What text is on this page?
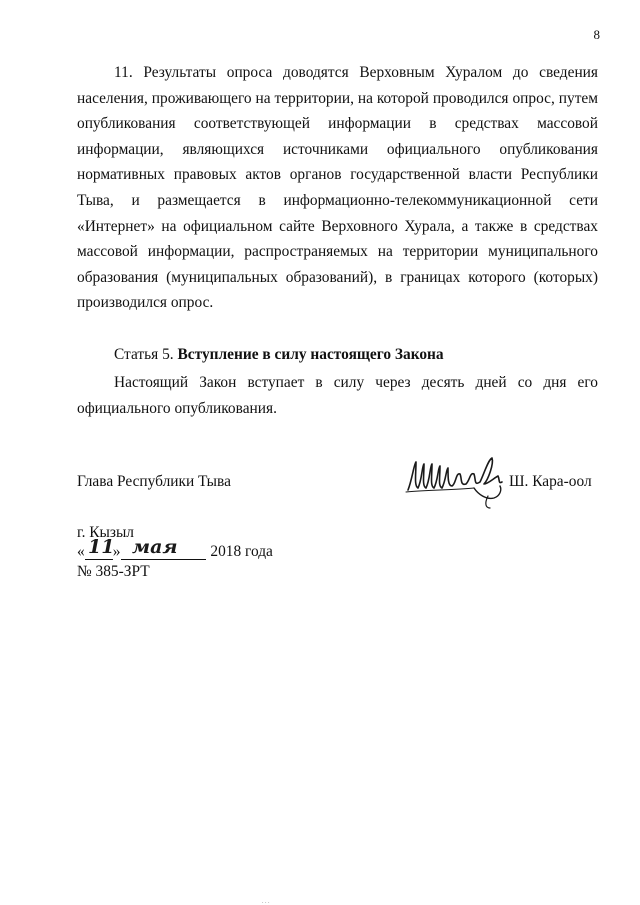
8

11. Результаты опроса доводятся Верховным Хуралом до сведения населения, проживающего на территории, на которой проводился опрос, путем опубликования соответствующей информации в средствах массовой информации, являющихся источниками официального опубликования нормативных правовых актов органов государственной власти Республики Тыва, и размещается в информационно-телекоммуникационной сети «Интернет» на официальном сайте Верховного Хурала, а также в средствах массовой информации, распространяемых на территории муниципального образования (муниципальных образований), в границах которого (которых) производился опрос.

Статья 5. Вступление в силу настоящего Закона

Настоящий Закон вступает в силу через десять дней со дня его официального опубликования.

Глава Республики Тыва	Ш. Кара-оол
г. Кызыл
« »	2018 года
11 мая
№ 385-ЗРТ
. . .
